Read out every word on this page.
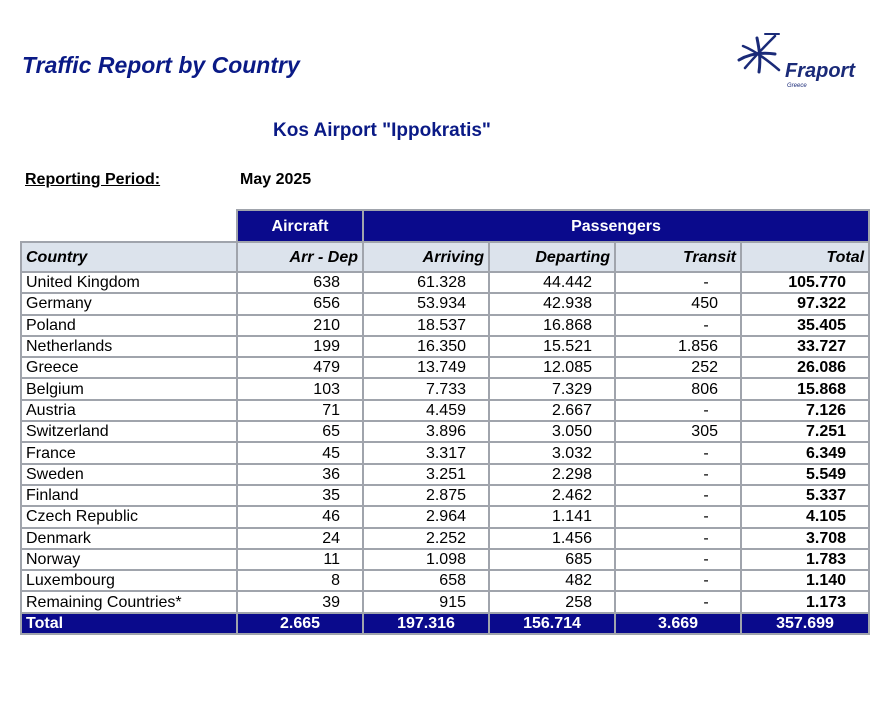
Traffic Report by Country	Fraport
Greece
Kos Airport "Ippokratis"
Reporting Period:	May 2025
	Aircraft	Passengers			
Country	Arr - Dep	Arriving	Departing	Transit	Total
United Kingdom	638	61.328	44.442	-	105.770
Germany	656	53.934	42.938	450	97.322
Poland	210	18.537	16.868	-	35.405
Netherlands	199	16.350	15.521	1.856	33.727
Greece	479	13.749	12.085	252	26.086
Belgium	103	7.733	7.329	806	15.868
Austria	71	4.459	2.667	-	7.126
Switzerland	65	3.896	3.050	305	7.251
France	45	3.317	3.032	-	6.349
Sweden	36	3.251	2.298	-	5.549
Finland	35	2.875	2.462	-	5.337
Czech Republic	46	2.964	1.141	-	4.105
Denmark	24	2.252	1.456	-	3.708
Norway	11	1.098	685	-	1.783
Luxembourg	8	658	482	-	1.140
Remaining Countries*	39	915	258	-	1.173
Total	2.665	197.316	156.714	3.669	357.699
